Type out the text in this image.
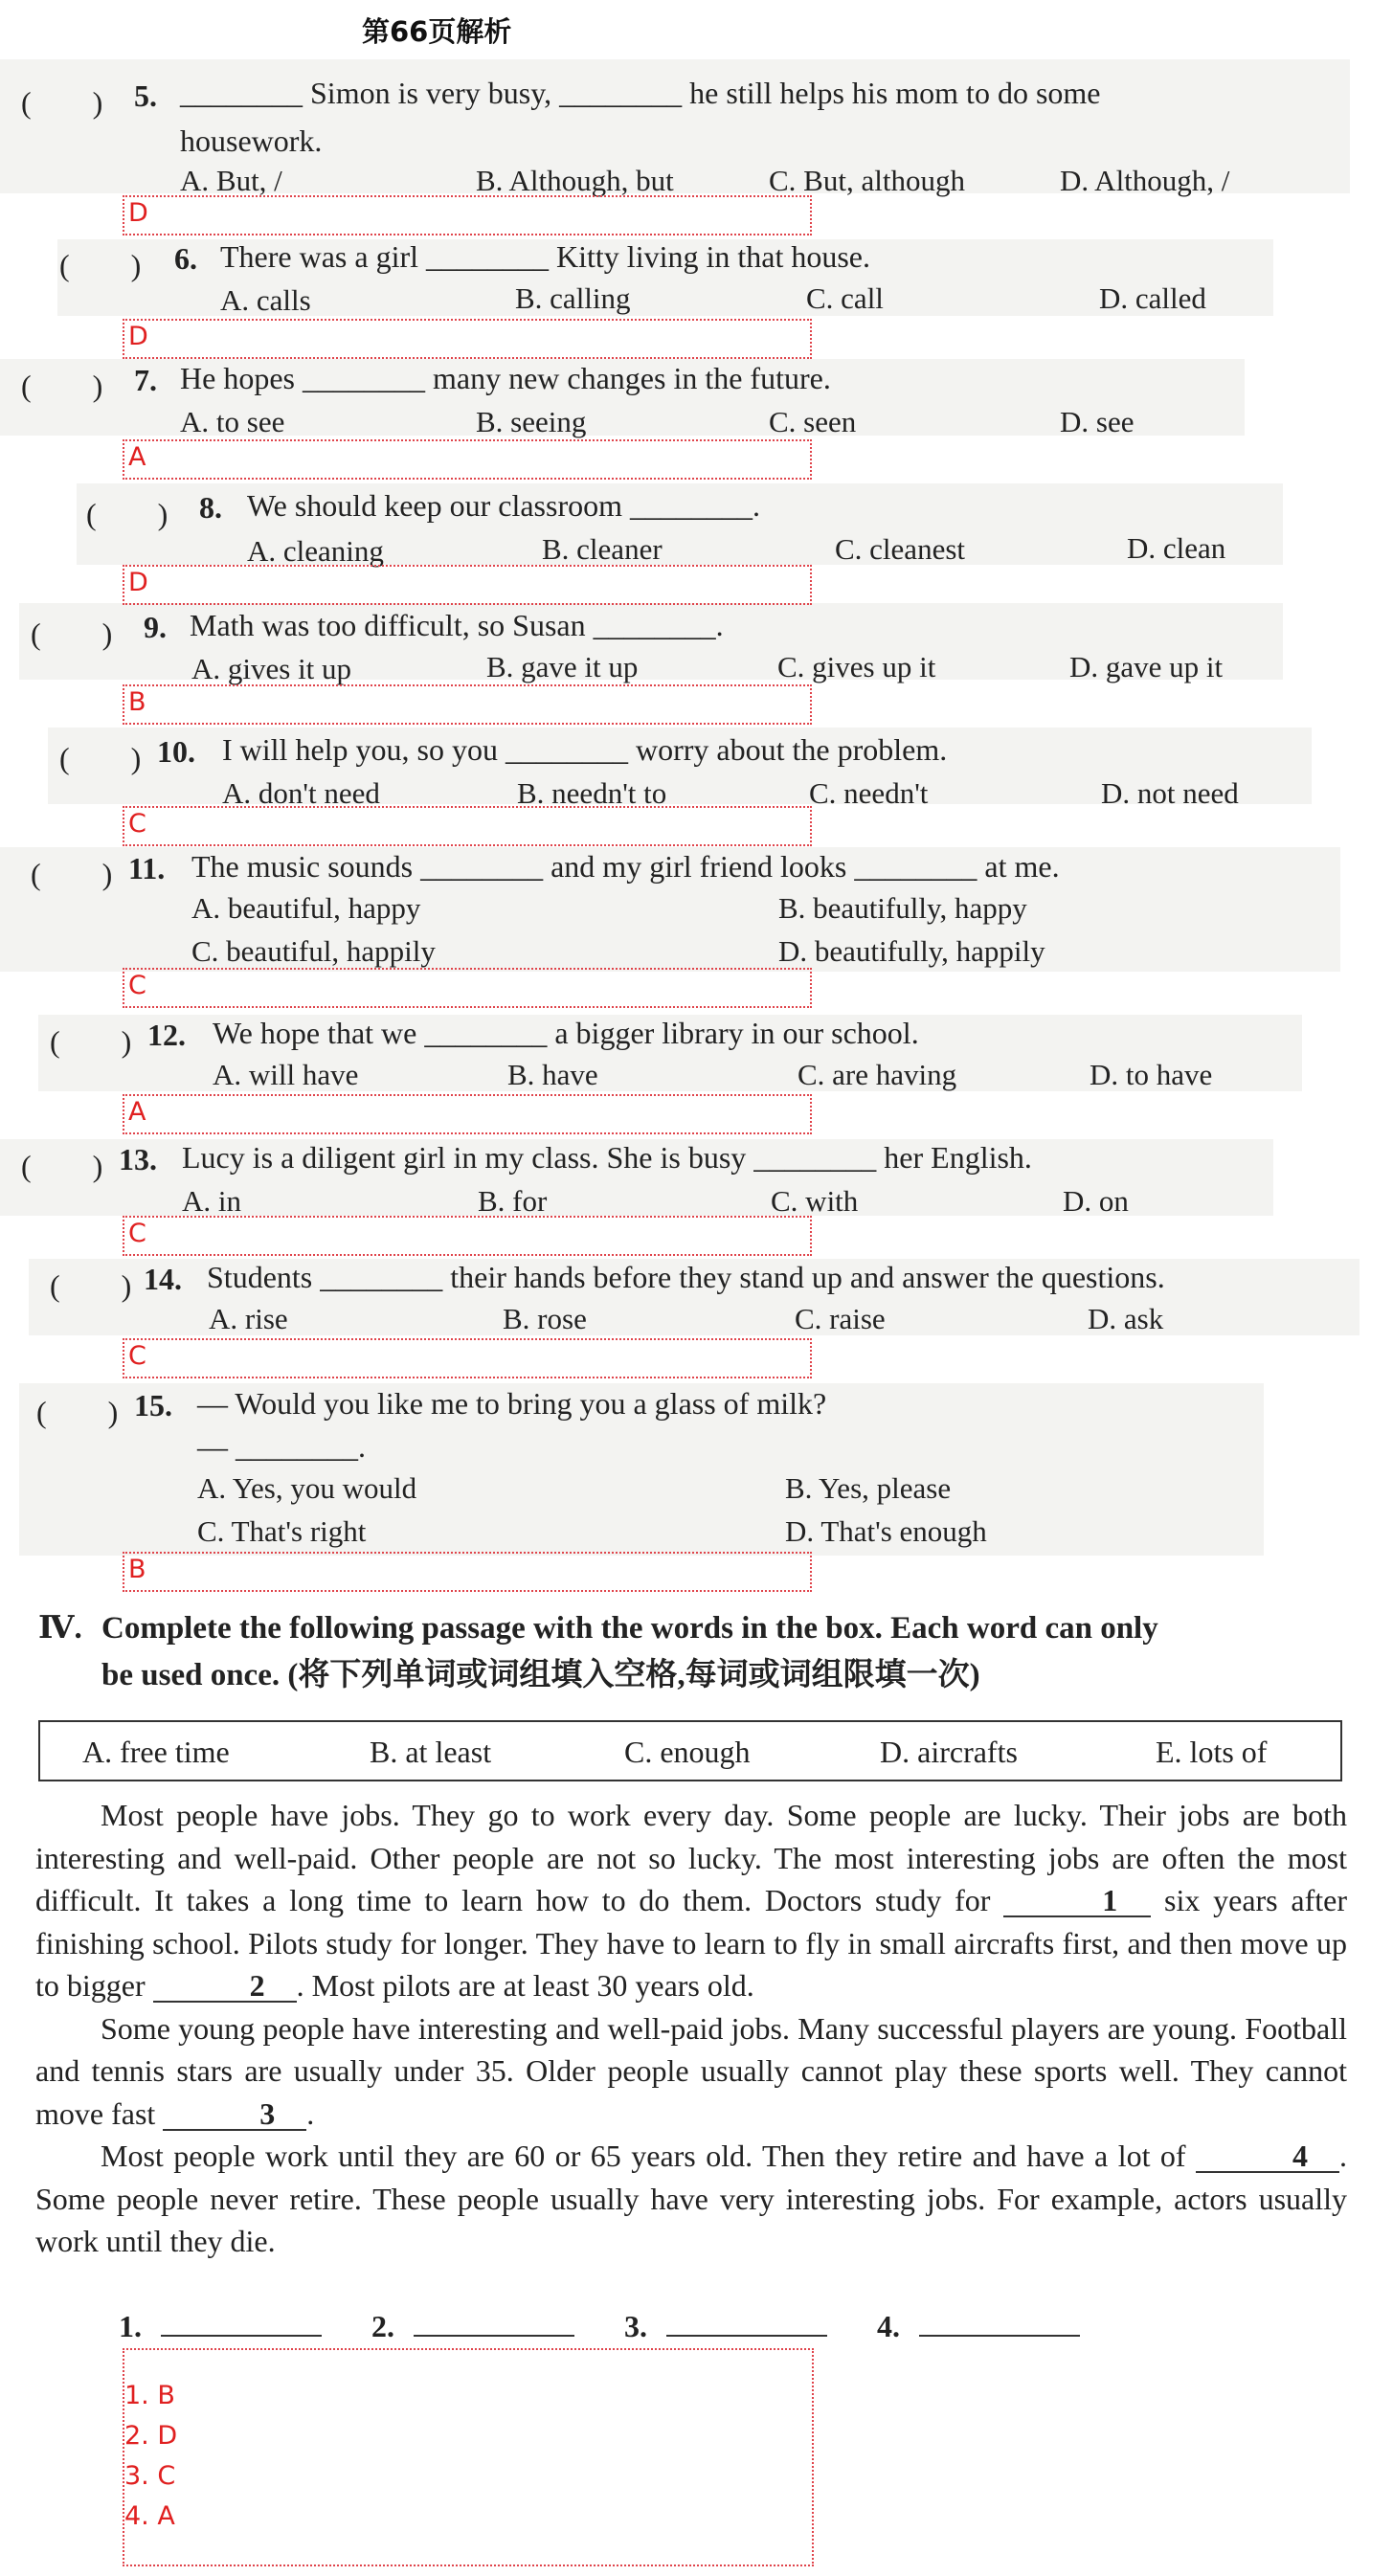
第66页解析
(　　) 5. ________ Simon is very busy, ________ he still helps his mom to do some
housework.
A. But, /	B. Although, but	C. But, although	D. Although, /
D
(　　) 6. There was a girl ________ Kitty living in that house.
A. calls	B. calling	C. call	D. called
D
(　　) 7. He hopes ________ many new changes in the future.
A. to see	B. seeing	C. seen	D. see
A
(　　) 8. We should keep our classroom ________.
A. cleaning	B. cleaner	C. cleanest	D. clean
D
(　　) 9. Math was too difficult, so Susan ________.
A. gives it up	B. gave it up	C. gives up it	D. gave up it
B
(　　) 10. I will help you, so you ________ worry about the problem.
A. don't need	B. needn't to	C. needn't	D. not need
C
(　　) 11. The music sounds ________ and my girl friend looks ________ at me.
A. beautiful, happy	B. beautifully, happy
C. beautiful, happily	D. beautifully, happily
C
(　　) 12. We hope that we ________ a bigger library in our school.
A. will have	B. have	C. are having	D. to have
A
(　　) 13. Lucy is a diligent girl in my class. She is busy ________ her English.
A. in	B. for	C. with	D. on
C
(　　) 14. Students ________ their hands before they stand up and answer the questions.
A. rise	B. rose	C. raise	D. ask
C
(　　) 15. — Would you like me to bring you a glass of milk?
— ________.
A. Yes, you would	B. Yes, please
C. That's right	D. That's enough
B
Ⅳ. Complete the following passage with the words in the box. Each word can only
be used once. (将下列单词或词组填入空格,每词或词组限填一次)
A. free time	B. at least	C. enough	D. aircrafts	E. lots of

Most people have jobs. They go to work every day. Some people are lucky. Their jobs are both interesting and well-paid. Other people are not so lucky. The most interesting jobs are often the most difficult. It takes a long time to learn how to do them. Doctors study for	1 six years after finishing school. Pilots study for longer. They have to learn to fly in small aircrafts first, and then move up to bigger	2 . Most pilots are at least 30 years old.

Some young people have interesting and well-paid jobs. Many successful players are young. Football and tennis stars are usually under 35. Older people usually cannot play these sports well. They cannot move fast	3 .

Most people work until they are 60 or 65 years old. Then they retire and have a lot of	4 . Some people never retire. These people usually have very interesting jobs. For example, actors usually work until they die.

1.	2.	3.	4.
1. B
2. D
3. C
4. A
